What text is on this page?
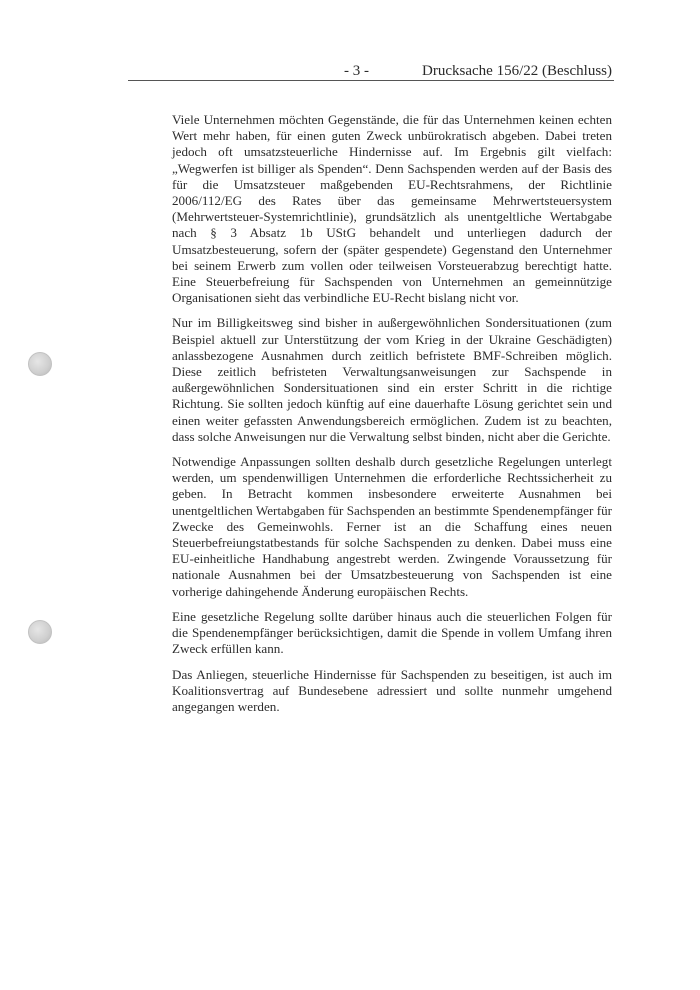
- 3 -	Drucksache 156/22 (Beschluss)

Viele Unternehmen möchten Gegenstände, die für das Unternehmen keinen echten Wert mehr haben, für einen guten Zweck unbürokratisch abgeben. Dabei treten jedoch oft umsatzsteuerliche Hindernisse auf. Im Ergebnis gilt vielfach: „Wegwerfen ist billiger als Spenden“. Denn Sachspenden werden auf der Basis des für die Umsatzsteuer maßgebenden EU-Rechtsrahmens, der Richtlinie 2006/112/EG des Rates über das gemeinsame Mehrwertsteuersystem (Mehrwertsteuer-Systemrichtlinie), grundsätzlich als unentgeltliche Wertabgabe nach § 3 Absatz 1b UStG behandelt und unterliegen dadurch der Umsatzbesteuerung, sofern der (später gespendete) Gegenstand den Unternehmer bei seinem Erwerb zum vollen oder teilweisen Vorsteuerabzug berechtigt hatte. Eine Steuerbefreiung für Sachspenden von Unternehmen an gemeinnützige Organisationen sieht das verbindliche EU-Recht bislang nicht vor.

Nur im Billigkeitsweg sind bisher in außergewöhnlichen Sondersituationen (zum Beispiel aktuell zur Unterstützung der vom Krieg in der Ukraine Geschädigten) anlassbezogene Ausnahmen durch zeitlich befristete BMF-Schreiben möglich. Diese zeitlich befristeten Verwaltungsanweisungen zur Sachspende in außergewöhnlichen Sondersituationen sind ein erster Schritt in die richtige Richtung. Sie sollten jedoch künftig auf eine dauerhafte Lösung gerichtet sein und einen weiter gefassten Anwendungsbereich ermöglichen. Zudem ist zu beachten, dass solche Anweisungen nur die Verwaltung selbst binden, nicht aber die Gerichte.

Notwendige Anpassungen sollten deshalb durch gesetzliche Regelungen unterlegt werden, um spendenwilligen Unternehmen die erforderliche Rechtssicherheit zu geben. In Betracht kommen insbesondere erweiterte Ausnahmen bei unentgeltlichen Wertabgaben für Sachspenden an bestimmte Spendenempfänger für Zwecke des Gemeinwohls. Ferner ist an die Schaffung eines neuen Steuerbefreiungstatbestands für solche Sachspenden zu denken. Dabei muss eine EU-einheitliche Handhabung angestrebt werden. Zwingende Voraussetzung für nationale Ausnahmen bei der Umsatzbesteuerung von Sachspenden ist eine vorherige dahingehende Änderung europäischen Rechts.

Eine gesetzliche Regelung sollte darüber hinaus auch die steuerlichen Folgen für die Spendenempfänger berücksichtigen, damit die Spende in vollem Umfang ihren Zweck erfüllen kann.

Das Anliegen, steuerliche Hindernisse für Sachspenden zu beseitigen, ist auch im Koalitionsvertrag auf Bundesebene adressiert und sollte nunmehr umgehend angegangen werden.
